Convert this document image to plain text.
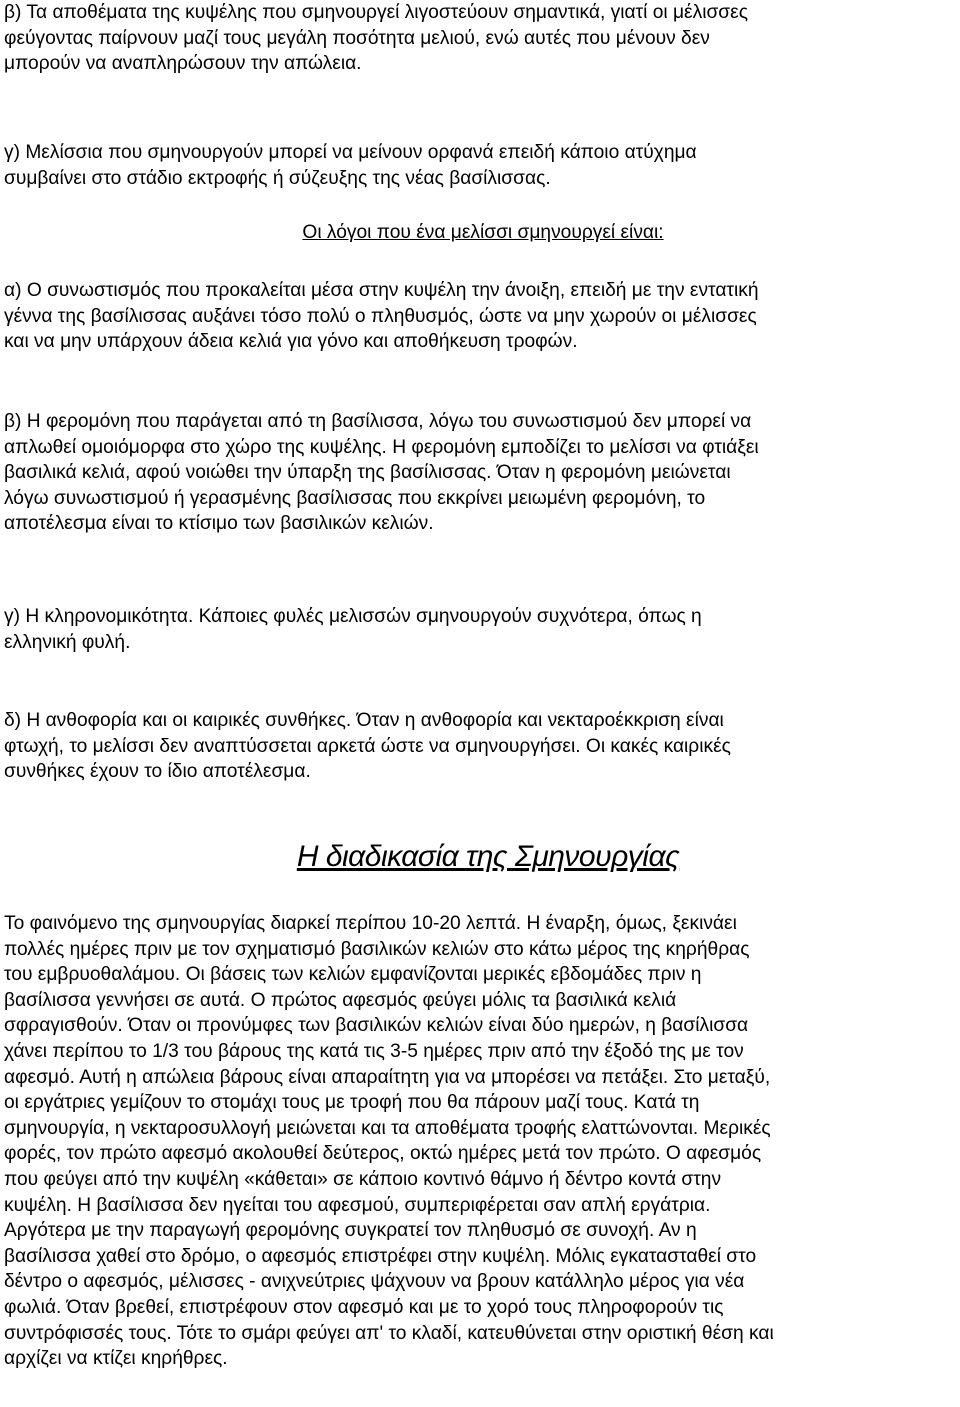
β) Τα αποθέματα της κυψέλης που σμηνουργεί λιγοστεύουν σημαντικά, γιατί οι μέλισσες
φεύγοντας παίρνουν μαζί τους μεγάλη ποσότητα μελιού, ενώ αυτές που μένουν δεν
μπορούν να αναπληρώσουν την απώλεια.
γ) Μελίσσια που σμηνουργούν μπορεί να μείνουν ορφανά επειδή κάποιο ατύχημα
συμβαίνει στο στάδιο εκτροφής ή σύζευξης της νέας βασίλισσας.
Οι λόγοι που ένα μελίσσι σμηνουργεί είναι:
α) Ο συνωστισμός που προκαλείται μέσα στην κυψέλη την άνοιξη, επειδή με την εντατική
γέννα της βασίλισσας αυξάνει τόσο πολύ ο πληθυσμός, ώστε να μην χωρούν οι μέλισσες
και να μην υπάρχουν άδεια κελιά για γόνο και αποθήκευση τροφών.
β) Η φερομόνη που παράγεται από τη βασίλισσα, λόγω του συνωστισμού δεν μπορεί να
απλωθεί ομοιόμορφα στο χώρο της κυψέλης. Η φερομόνη εμποδίζει το μελίσσι να φτιάξει
βασιλικά κελιά, αφού νοιώθει την ύπαρξη της βασίλισσας. Όταν η φερομόνη μειώνεται
λόγω συνωστισμού ή γερασμένης βασίλισσας που εκκρίνει μειωμένη φερομόνη, το
αποτέλεσμα είναι το κτίσιμο των βασιλικών κελιών.
γ) Η κληρονομικότητα. Κάποιες φυλές μελισσών σμηνουργούν συχνότερα, όπως η
ελληνική φυλή.
δ) Η ανθοφορία και οι καιρικές συνθήκες. Όταν η ανθοφορία και νεκταροέκκριση είναι
φτωχή, το μελίσσι δεν αναπτύσσεται αρκετά ώστε να σμηνουργήσει. Οι κακές καιρικές
συνθήκες έχουν το ίδιο αποτέλεσμα.
Η διαδικασία της Σμηνουργίας
Το φαινόμενο της σμηνουργίας διαρκεί περίπου 10-20 λεπτά. Η έναρξη, όμως, ξεκινάει
πολλές ημέρες πριν με τον σχηματισμό βασιλικών κελιών στο κάτω μέρος της κηρήθρας
του εμβρυοθαλάμου. Οι βάσεις των κελιών εμφανίζονται μερικές εβδομάδες πριν η
βασίλισσα γεννήσει σε αυτά. Ο πρώτος αφεσμός φεύγει μόλις τα βασιλικά κελιά
σφραγισθούν. Όταν οι προνύμφες των βασιλικών κελιών είναι δύο ημερών, η βασίλισσα
χάνει περίπου το 1/3 του βάρους της κατά τις 3-5 ημέρες πριν από την έξοδό της με τον
αφεσμό. Αυτή η απώλεια βάρους είναι απαραίτητη για να μπορέσει να πετάξει. Στο μεταξύ,
οι εργάτριες γεμίζουν το στομάχι τους με τροφή που θα πάρουν μαζί τους. Κατά τη
σμηνουργία, η νεκταροσυλλογή μειώνεται και τα αποθέματα τροφής ελαττώνονται. Μερικές
φορές, τον πρώτο αφεσμό ακολουθεί δεύτερος, οκτώ ημέρες μετά τον πρώτο. Ο αφεσμός
που φεύγει από την κυψέλη «κάθεται» σε κάποιο κοντινό θάμνο ή δέντρο κοντά στην
κυψέλη. Η βασίλισσα δεν ηγείται του αφεσμού, συμπεριφέρεται σαν απλή εργάτρια.
Αργότερα με την παραγωγή φερομόνης συγκρατεί τον πληθυσμό σε συνοχή. Αν η
βασίλισσα χαθεί στο δρόμο, ο αφεσμός επιστρέφει στην κυψέλη. Μόλις εγκατασταθεί στο
δέντρο ο αφεσμός, μέλισσες - ανιχνεύτριες ψάχνουν να βρουν κατάλληλο μέρος για νέα
φωλιά. Όταν βρεθεί, επιστρέφουν στον αφεσμό και με το χορό τους πληροφορούν τις
συντρόφισσές τους. Τότε το σμάρι φεύγει απ' το κλαδί, κατευθύνεται στην οριστική θέση και
αρχίζει να κτίζει κηρήθρες.
